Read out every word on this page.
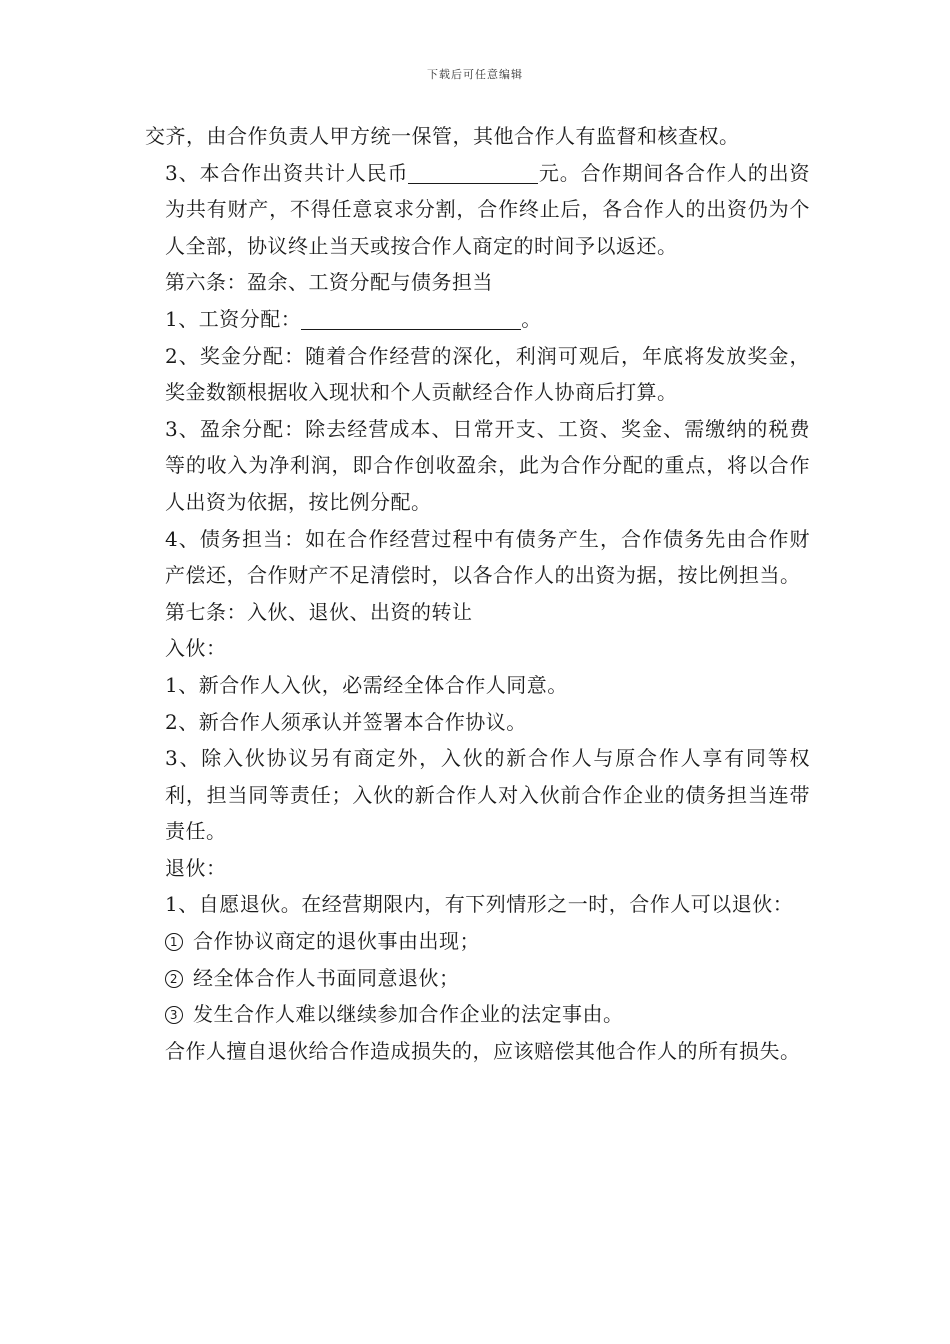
下载后可任意编辑

交齐，由合作负责人甲方统一保管，其他合作人有监督和核查权。

3、本合作出资共计人民币	元。合作期间各合作人的出资为共有财产，不得任意哀求分割，合作终止后，各合作人的出资仍为个人全部，协议终止当天或按合作人商定的时间予以返还。

第六条：盈余、工资分配与债务担当

1、工资分配：	。

2、奖金分配：随着合作经营的深化，利润可观后，年底将发放奖金，奖金数额根据收入现状和个人贡献经合作人协商后打算。

3、盈余分配：除去经营成本、日常开支、工资、奖金、需缴纳的税费等的收入为净利润，即合作创收盈余，此为合作分配的重点，将以合作人出资为依据，按比例分配。

4、债务担当：如在合作经营过程中有债务产生，合作债务先由合作财产偿还，合作财产不足清偿时，以各合作人的出资为据，按比例担当。

第七条：入伙、退伙、出资的转让

入伙：

1、新合作人入伙，必需经全体合作人同意。

2、新合作人须承认并签署本合作协议。

3、除入伙协议另有商定外，入伙的新合作人与原合作人享有同等权利，担当同等责任；入伙的新合作人对入伙前合作企业的债务担当连带责任。

退伙：

1、自愿退伙。在经营期限内，有下列情形之一时，合作人可以退伙：

1 合作协议商定的退伙事由出现；

2 经全体合作人书面同意退伙；

3 发生合作人难以继续参加合作企业的法定事由。

合作人擅自退伙给合作造成损失的，应该赔偿其他合作人的所有损失。
